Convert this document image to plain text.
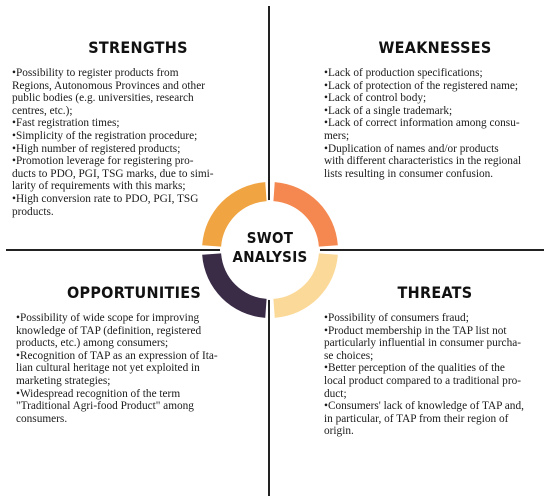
STRENGTHS
•Possibility to register products from
Regions, Autonomous Provinces and other
public bodies (e.g. universities, research
centres, etc.);
•Fast registration times;
•Simplicity of the registration procedure;
•High number of registered products;
•Promotion leverage for registering pro-
ducts to PDO, PGI, TSG marks, due to simi-
larity of requirements with this marks;
•High conversion rate to PDO, PGI, TSG
products.
WEAKNESSES
•Lack of production specifications;
•Lack of protection of the registered name;
•Lack of control body;
•Lack of a single trademark;
•Lack of correct information among consu-
mers;
•Duplication of names and/or products
with different characteristics in the regional
lists resulting in consumer confusion.
OPPORTUNITIES
•Possibility of wide scope for improving
knowledge of TAP (definition, registered
products, etc.) among consumers;
•Recognition of TAP as an expression of Ita-
lian cultural heritage not yet exploited in
marketing strategies;
•Widespread recognition of the term
"Traditional Agri-food Product" among
consumers.
THREATS
•Possibility of consumers fraud;
•Product membership in the TAP list not
particularly influential in consumer purcha-
se choices;
•Better perception of the qualities of the
local product compared to a traditional pro-
duct;
•Consumers' lack of knowledge of TAP and,
in particular, of TAP from their region of
origin.
SWOT
ANALYSIS
